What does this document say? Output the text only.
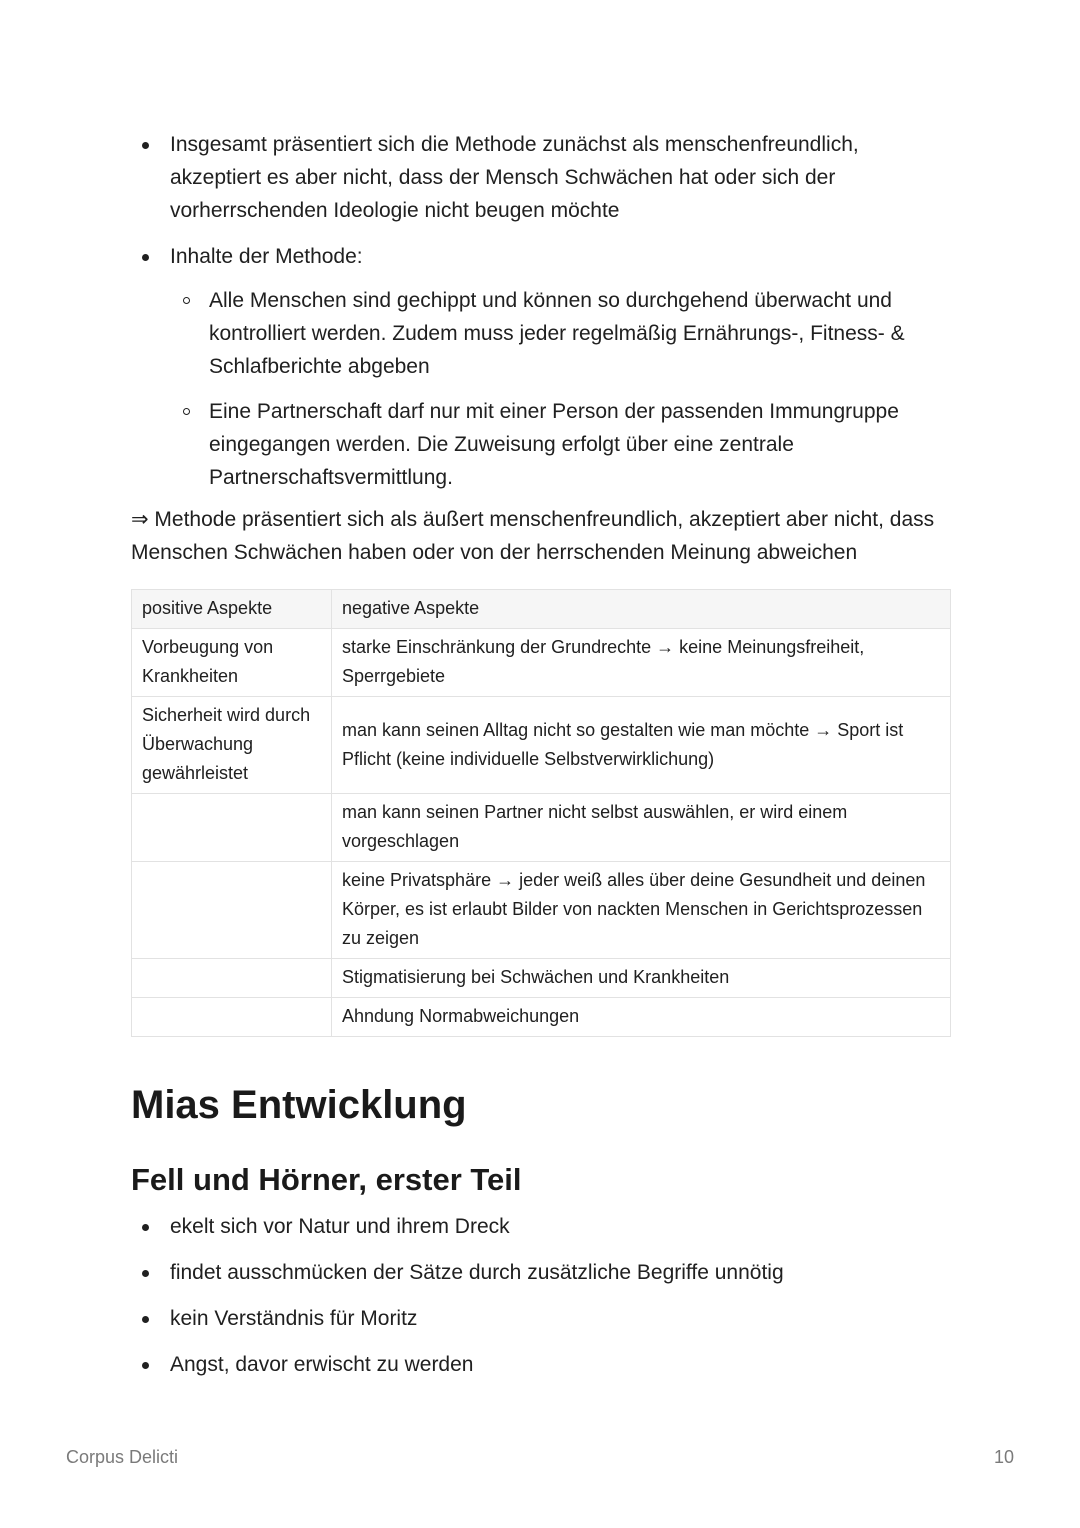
Insgesamt präsentiert sich die Methode zunächst als menschenfreundlich, akzeptiert es aber nicht, dass der Mensch Schwächen hat oder sich der vorherrschenden Ideologie nicht beugen möchte
Inhalte der Methode:
Alle Menschen sind gechippt und können so durchgehend überwacht und kontrolliert werden. Zudem muss jeder regelmäßig Ernährungs-, Fitness- & Schlafberichte abgeben
Eine Partnerschaft darf nur mit einer Person der passenden Immungruppe eingegangen werden. Die Zuweisung erfolgt über eine zentrale Partnerschaftsvermittlung.
⇒ Methode präsentiert sich als äußert menschenfreundlich, akzeptiert aber nicht, dass Menschen Schwächen haben oder von der herrschenden Meinung abweichen
positive Aspekte	negative Aspekte
Vorbeugung von Krankheiten	starke Einschränkung der Grundrechte → keine Meinungsfreiheit, Sperrgebiete
Sicherheit wird durch Überwachung gewährleistet	man kann seinen Alltag nicht so gestalten wie man möchte → Sport ist Pflicht (keine individuelle Selbstverwirklichung)
	man kann seinen Partner nicht selbst auswählen, er wird einem vorgeschlagen
	keine Privatsphäre → jeder weiß alles über deine Gesundheit und deinen Körper, es ist erlaubt Bilder von nackten Menschen in Gerichtsprozessen zu zeigen
	Stigmatisierung bei Schwächen und Krankheiten
	Ahndung Normabweichungen
Mias Entwicklung
Fell und Hörner, erster Teil
ekelt sich vor Natur und ihrem Dreck
findet ausschmücken der Sätze durch zusätzliche Begriffe unnötig
kein Verständnis für Moritz
Angst, davor erwischt zu werden
Corpus Delicti	10
